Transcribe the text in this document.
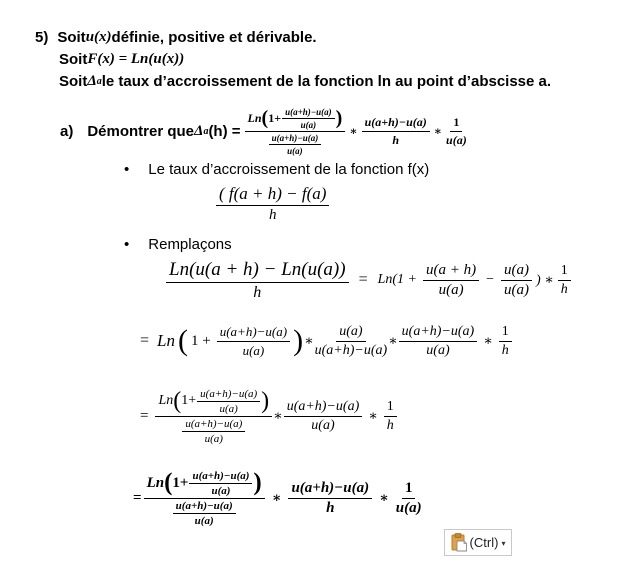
5) Soit u(x) définie, positive et dérivable.
Soit F(x) = Ln(u(x))
Soit Δ a le taux d’accroissement de la fonction ln au point d’abscisse a.
a) Démontrer que Δ a (h) =
Ln ( $1+ \frac{u(a+h)-u(a)}{u(a)}$ )
$\frac{u(a+h)-u(a)}{u(a)}$
∗ $\frac{u(a+h)-u(a)}{h}$ ∗ $\frac{1}{u(a)}$
• Le taux d’accroissement de la fonction f(x)
$\frac{( f(a + h) - f(a)}{h}$
• Remplaçons
Ln(u(a + h) − Ln(u(a))
h
= $Ln(1 + \frac{u(a + h)}{u(a)} - \frac{u(a)}{u(a)}$ ) ∗ $\frac{1}{h}$
= Ln ( $1 + \frac{u(a+h)-u(a)}{u(a)}$ ) ∗ $\frac{u(a)}{u(a+h)-u(a)}$ ∗ $\frac{u(a+h)-u(a)}{u(a)}$ ∗ $\frac{1}{h}$
=
Ln ( $1+ \frac{u(a+h)-u(a)}{u(a)}$ )
$\frac{u(a+h)-u(a)}{u(a)}$
∗ $\frac{u(a+h)-u(a)}{u(a)}$ ∗ $\frac{1}{h}$
=
Ln ( $1+ \frac{u(a+h)-u(a)}{u(a)}$ )
$\frac{u(a+h)-u(a)}{u(a)}$
∗ $\frac{u(a+h)-u(a)}{h}$ ∗ $\frac{1}{u(a)}$
(Ctrl) ▾
